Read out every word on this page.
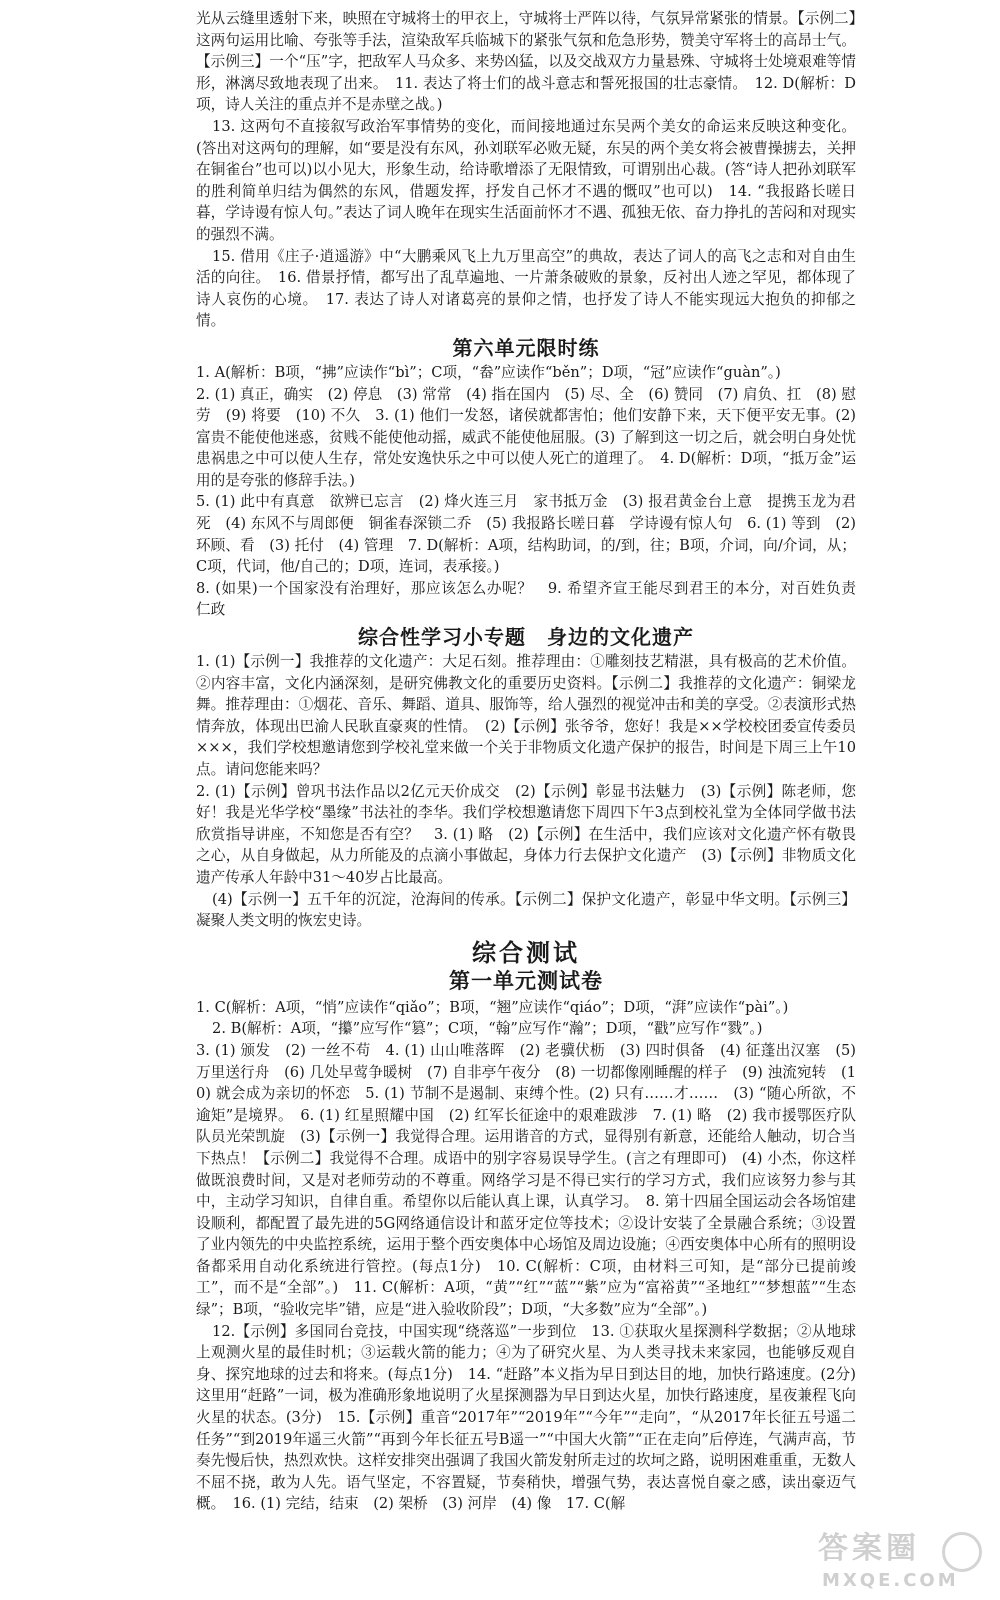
光从云缝里透射下来，映照在守城将士的甲衣上，守城将士严阵以待，气氛异常紧张的情景。【示例二】这两句运用比喻、夸张等手法，渲染敌军兵临城下的紧张气氛和危急形势，赞美守军将士的高昂士气。【示例三】一个“压”字，把敌军人马众多、来势凶猛，以及交战双方力量悬殊、守城将士处境艰难等情形，淋漓尽致地表现了出来。　11. 表达了将士们的战斗意志和誓死报国的壮志豪情。　12. D(解析：D项，诗人关注的重点并不是赤壁之战。)

13. 这两句不直接叙写政治军事情势的变化，而间接地通过东吴两个美女的命运来反映这种变化。(答出对这两句的理解，如“要是没有东风，孙刘联军必败无疑，东吴的两个美女将会被曹操掳去，关押在铜雀台”也可以)以小见大，形象生动，给诗歌增添了无限情致，可谓别出心裁。(答“诗人把孙刘联军的胜利简单归结为偶然的东风，借题发挥，抒发自己怀才不遇的慨叹”也可以)　14. “我报路长嗟日暮，学诗谩有惊人句。”表达了词人晚年在现实生活面前怀才不遇、孤独无依、奋力挣扎的苦闷和对现实的强烈不满。

15. 借用《庄子·逍遥游》中“大鹏乘风飞上九万里高空”的典故，表达了词人的高飞之志和对自由生活的向往。　16. 借景抒情，都写出了乱草遍地、一片萧条破败的景象，反衬出人迹之罕见，都体现了诗人哀伤的心境。　17. 表达了诗人对诸葛亮的景仰之情，也抒发了诗人不能实现远大抱负的抑郁之情。

第六单元限时练

1. A(解析：B项，“拂”应读作“bì”；C项，“畚”应读作“běn”；D项，“冠”应读作“guàn”。)

2. (1) 真正，确实　(2) 停息　(3) 常常　(4) 指在国内　(5) 尽、全　(6) 赞同　(7) 肩负、扛　(8) 慰劳　(9) 将要　(10) 不久　3. (1) 他们一发怒，诸侯就都害怕；他们安静下来，天下便平安无事。(2) 富贵不能使他迷惑，贫贱不能使他动摇，威武不能使他屈服。(3) 了解到这一切之后，就会明白身处忧患祸患之中可以使人生存，常处安逸快乐之中可以使人死亡的道理了。　4. D(解析：D项，“抵万金”运用的是夸张的修辞手法。)

5. (1) 此中有真意　欲辨已忘言　(2) 烽火连三月　家书抵万金　(3) 报君黄金台上意　提携玉龙为君死　(4) 东风不与周郎便　铜雀春深锁二乔　(5) 我报路长嗟日暮　学诗谩有惊人句　6. (1) 等到　(2) 环顾、看　(3) 托付　(4) 管理　7. D(解析：A项，结构助词，的/到，往；B项，介词，向/介词，从；C项，代词，他/自己的；D项，连词，表承接。)

8. (如果)一个国家没有治理好，那应该怎么办呢？　9. 希望齐宣王能尽到君王的本分，对百姓负责　仁政

综合性学习小专题　身边的文化遗产

1. (1)【示例一】我推荐的文化遗产：大足石刻。推荐理由：①雕刻技艺精湛，具有极高的艺术价值。②内容丰富，文化内涵深刻，是研究佛教文化的重要历史资料。【示例二】我推荐的文化遗产：铜梁龙舞。推荐理由：①烟花、音乐、舞蹈、道具、服饰等，给人强烈的视觉冲击和美的享受。②表演形式热情奔放，体现出巴渝人民耿直豪爽的性情。　(2)【示例】张爷爷，您好！我是××学校校团委宣传委员×××，我们学校想邀请您到学校礼堂来做一个关于非物质文化遗产保护的报告，时间是下周三上午10点。请问您能来吗？

2. (1)【示例】曾巩书法作品以2亿元天价成交　(2)【示例】彰显书法魅力　(3)【示例】陈老师，您好！我是光华学校“墨缘”书法社的李华。我们学校想邀请您下周四下午3点到校礼堂为全体同学做书法欣赏指导讲座，不知您是否有空？　3. (1) 略　(2)【示例】在生活中，我们应该对文化遗产怀有敬畏之心，从自身做起，从力所能及的点滴小事做起，身体力行去保护文化遗产　(3)【示例】非物质文化遗产传承人年龄中31～40岁占比最高。

(4)【示例一】五千年的沉淀，沧海间的传承。【示例二】保护文化遗产，彰显中华文明。【示例三】凝聚人类文明的恢宏史诗。

综合测试
第一单元测试卷

1. C(解析：A项，“悄”应读作“qiǎo”；B项，“翘”应读作“qiáo”；D项，“湃”应读作“pài”。)

2. B(解析：A项，“攥”应写作“篡”；C项，“翰”应写作“瀚”；D项，“戳”应写作“戮”。)

3. (1) 颁发　(2) 一丝不苟　4. (1) 山山唯落晖　(2) 老骥伏枥　(3) 四时俱备　(4) 征蓬出汉塞　(5) 万里送行舟　(6) 几处早莺争暖树　(7) 自非亭午夜分　(8) 一切都像刚睡醒的样子　(9) 浊流宛转　(10) 就会成为亲切的怀恋　5. (1) 节制不是遏制、束缚个性。(2) 只有……才……　(3) “随心所欲，不逾矩”是境界。　6. (1) 红星照耀中国　(2) 红军长征途中的艰难跋涉　7. (1) 略　(2) 我市援鄂医疗队队员光荣凯旋　(3)【示例一】我觉得合理。运用谐音的方式，显得别有新意，还能给人触动，切合当下热点！【示例二】我觉得不合理。成语中的别字容易误导学生。(言之有理即可)　(4) 小杰，你这样做既浪费时间，又是对老师劳动的不尊重。网络学习是不得已实行的学习方式，我们应该努力参与其中，主动学习知识，自律自重。希望你以后能认真上课，认真学习。　8. 第十四届全国运动会各场馆建设顺利，都配置了最先进的5G网络通信设计和蓝牙定位等技术；②设计安装了全景融合系统；③设置了业内领先的中央监控系统，运用于整个西安奥体中心场馆及周边设施；④西安奥体中心所有的照明设备都采用自动化系统进行管控。(每点1分)　10. C(解析：C项，由材料三可知，是“部分已提前竣工”，而不是“全部”。)　11. C(解析：A项，“黄”“红”“蓝”“紫”应为“富裕黄”“圣地红”“梦想蓝”“生态绿”；B项，“验收完毕”错，应是“进入验收阶段”；D项，“大多数”应为“全部”。)

12.【示例】多国同台竞技，中国实现“绕落巡”一步到位　13. ①获取火星探测科学数据；②从地球上观测火星的最佳时机；③运载火箭的能力；④为了研究火星、为人类寻找未来家园，也能够反观自身、探究地球的过去和将来。(每点1分)　14. “赶路”本义指为早日到达目的地，加快行路速度。(2分)这里用“赶路”一词，极为准确形象地说明了火星探测器为早日到达火星，加快行路速度，星夜兼程飞向火星的状态。(3分)　15.【示例】重音“2017年”“2019年”“今年”“走向”，“从2017年长征五号遥二任务”“到2019年遥三火箭”“再到今年长征五号B遥一”“中国大火箭”“正在走向”后停连，气满声高，节奏先慢后快，热烈欢快。这样安排突出强调了我国火箭发射所走过的坎坷之路，说明困难重重，无数人不屈不挠，敢为人先。语气坚定，不容置疑，节奏稍快，增强气势，表达喜悦自豪之感，读出豪迈气概。　16. (1) 完结，结束　(2) 架桥　(3) 河岸　(4) 像　17. C(解

答案圈
MXQE.COM
